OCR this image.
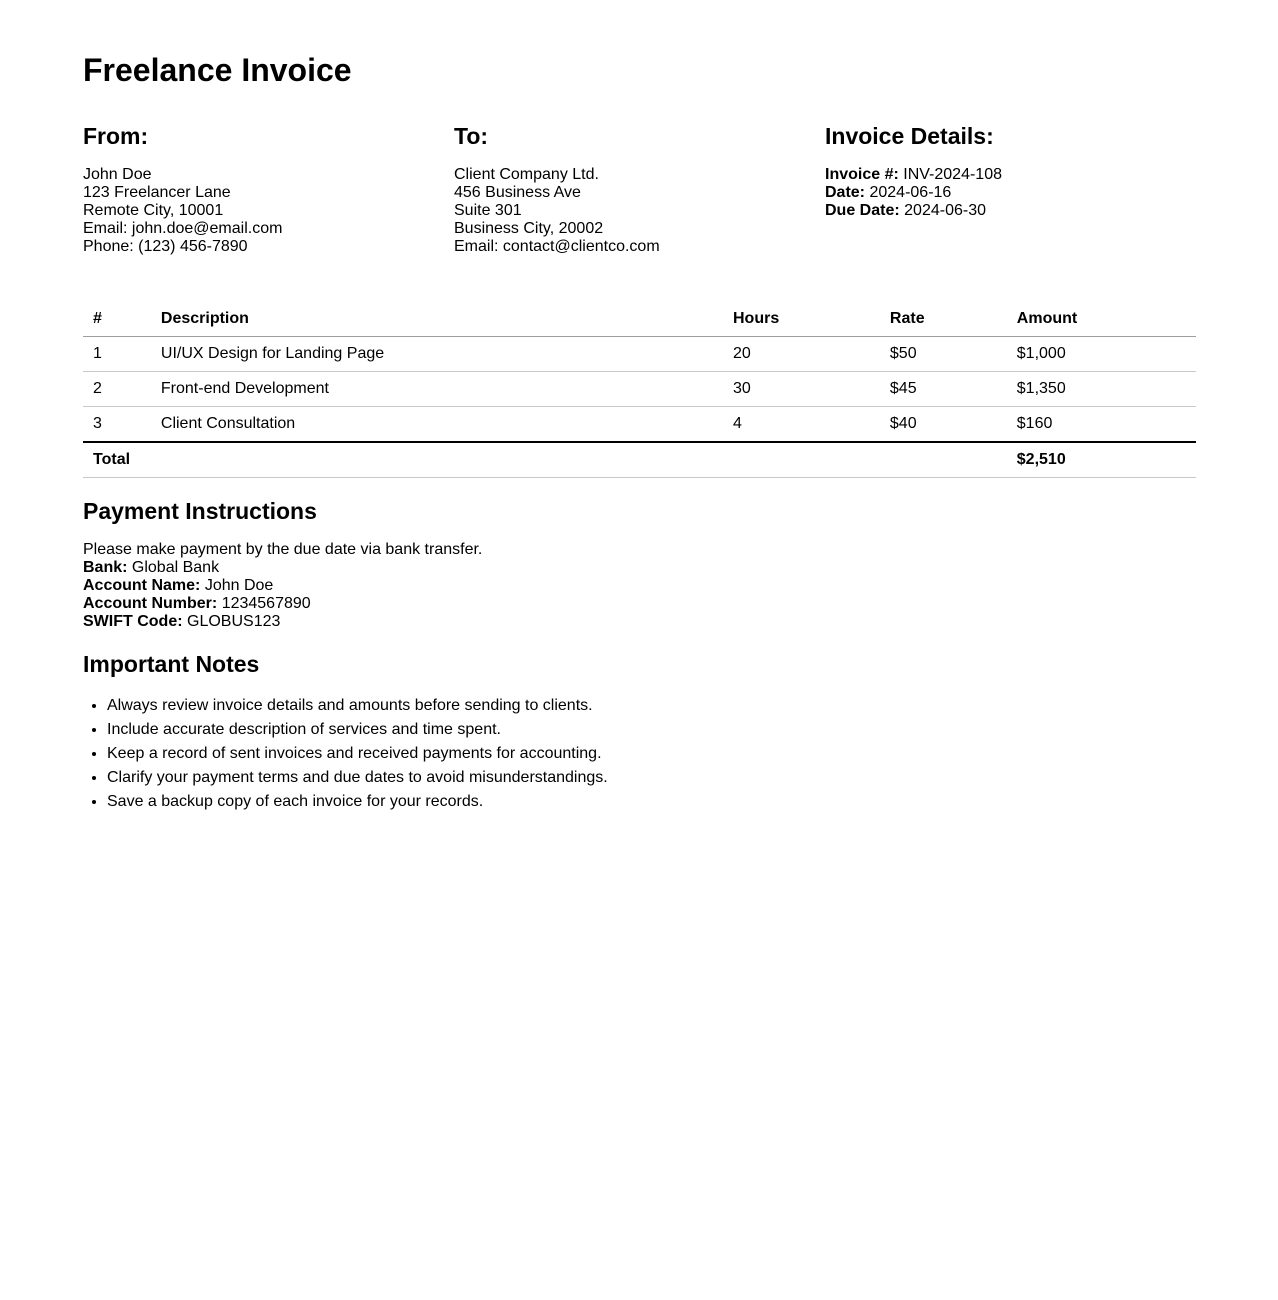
Freelance Invoice
From:

John Doe
123 Freelancer Lane
Remote City, 10001
Email: john.doe@email.com
Phone: (123) 456-7890

To:

Client Company Ltd.
456 Business Ave
Suite 301
Business City, 20002
Email: contact@clientco.com

Invoice Details:

Invoice #: INV-2024-108
Date: 2024-06-16
Due Date: 2024-06-30

#	Description	Hours	Rate	Amount
1	UI/UX Design for Landing Page	20	$50	$1,000
2	Front-end Development	30	$45	$1,350
3	Client Consultation	4	$40	$160
Total				$2,510
Payment Instructions

Please make payment by the due date via bank transfer.
Bank: Global Bank
Account Name: John Doe
Account Number: 1234567890
SWIFT Code: GLOBUS123

Important Notes
• Always review invoice details and amounts before sending to clients.
• Include accurate description of services and time spent.
• Keep a record of sent invoices and received payments for accounting.
• Clarify your payment terms and due dates to avoid misunderstandings.
• Save a backup copy of each invoice for your records.
